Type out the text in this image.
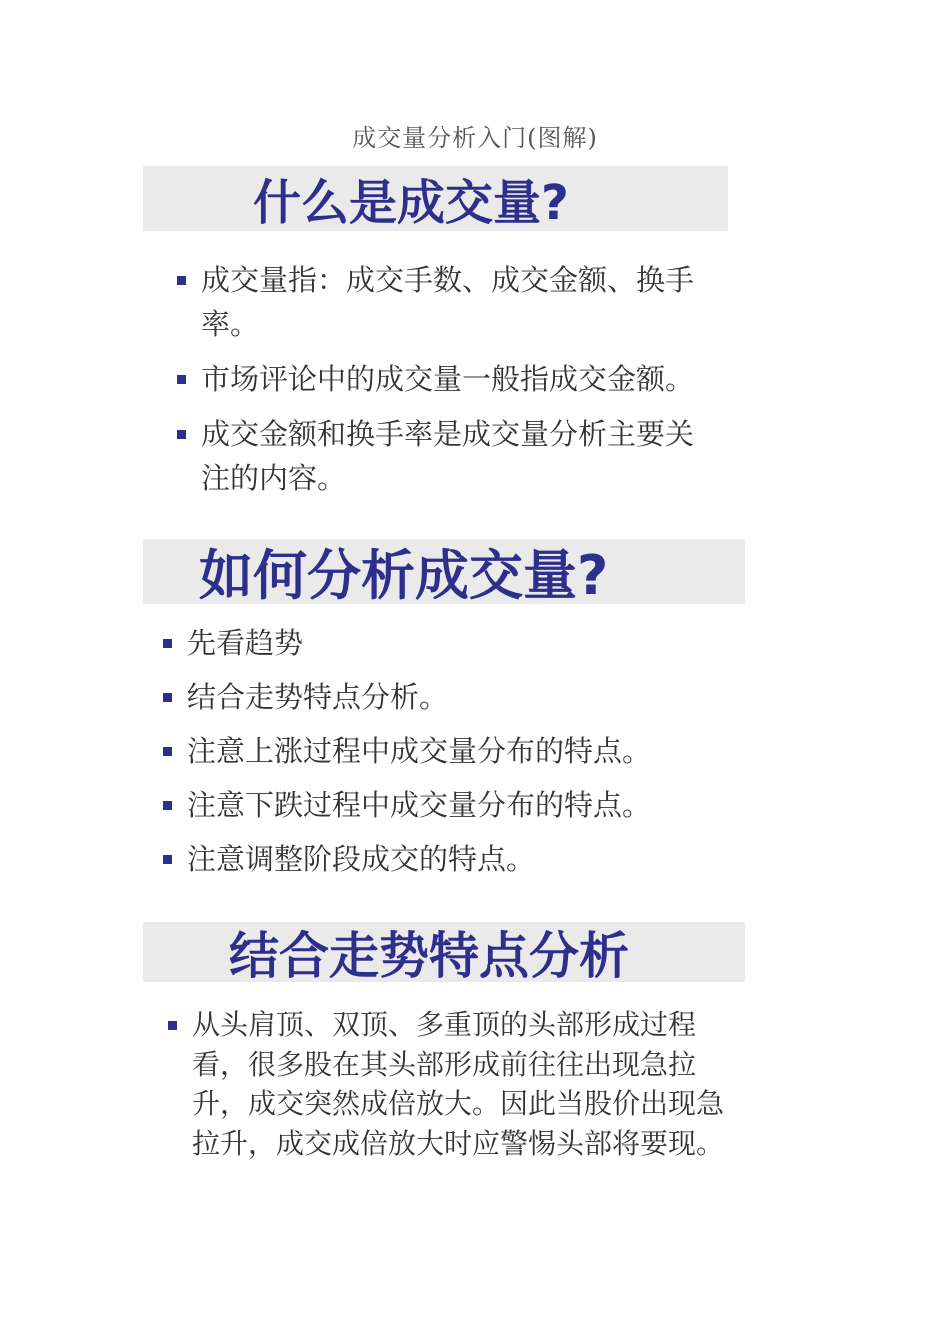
成交量分析入门(图解)
什么是成交量?
成交量指：成交手数、成交金额、换手率。
市场评论中的成交量一般指成交金额。
成交金额和换手率是成交量分析主要关注的内容。
如何分析成交量?
先看趋势
结合走势特点分析。
注意上涨过程中成交量分布的特点。
注意下跌过程中成交量分布的特点。
注意调整阶段成交的特点。
结合走势特点分析
从头肩顶、双顶、多重顶的头部形成过程看，很多股在其头部形成前往往出现急拉升，成交突然成倍放大。因此当股价出现急拉升，成交成倍放大时应警惕头部将要现。
